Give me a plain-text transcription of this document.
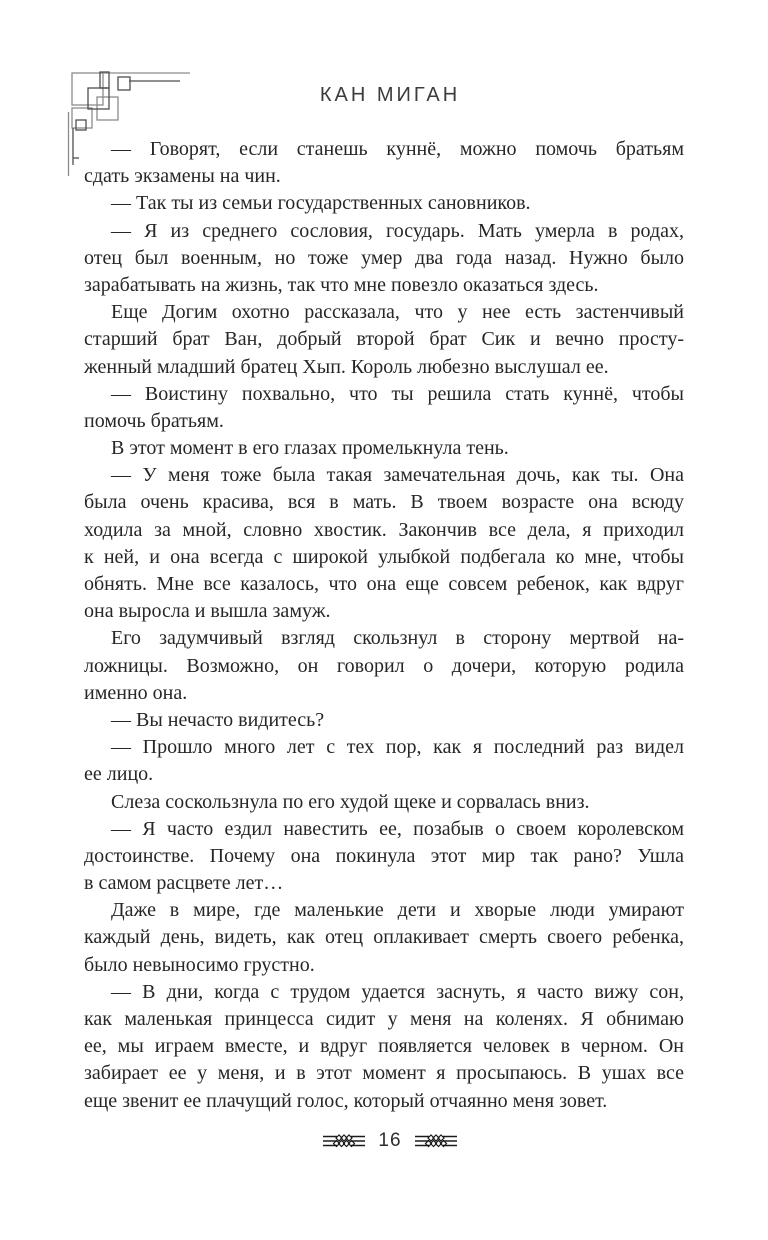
КАН МИГАН
— Говорят, если станешь куннё, можно помочь братьям
сдать экзамены на чин.
— Так ты из семьи государственных сановников.
— Я из среднего сословия, государь. Мать умерла в родах,
отец был военным, но тоже умер два года назад. Нужно было
зарабатывать на жизнь, так что мне повезло оказаться здесь.
Еще Догим охотно рассказала, что у нее есть застенчивый
старший брат Ван, добрый второй брат Сик и вечно просту-
женный младший братец Хып. Король любезно выслушал ее.
— Воистину похвально, что ты решила стать куннё, чтобы
помочь братьям.
В этот момент в его глазах промелькнула тень.
— У меня тоже была такая замечательная дочь, как ты. Она
была очень красива, вся в мать. В твоем возрасте она всюду
ходила за мной, словно хвостик. Закончив все дела, я приходил
к ней, и она всегда с широкой улыбкой подбегала ко мне, чтобы
обнять. Мне все казалось, что она еще совсем ребенок, как вдруг
она выросла и вышла замуж.
Его задумчивый взгляд скользнул в сторону мертвой на-
ложницы. Возможно, он говорил о дочери, которую родила
именно она.
— Вы нечасто видитесь?
— Прошло много лет с тех пор, как я последний раз видел
ее лицо.
Слеза соскользнула по его худой щеке и сорвалась вниз.
— Я часто ездил навестить ее, позабыв о своем королевском
достоинстве. Почему она покинула этот мир так рано? Ушла
в самом расцвете лет…
Даже в мире, где маленькие дети и хворые люди умирают
каждый день, видеть, как отец оплакивает смерть своего ребенка,
было невыносимо грустно.
— В дни, когда с трудом удается заснуть, я часто вижу сон,
как маленькая принцесса сидит у меня на коленях. Я обнимаю
ее, мы играем вместе, и вдруг появляется человек в черном. Он
забирает ее у меня, и в этот момент я просыпаюсь. В ушах все
еще звенит ее плачущий голос, который отчаянно меня зовет.
16
